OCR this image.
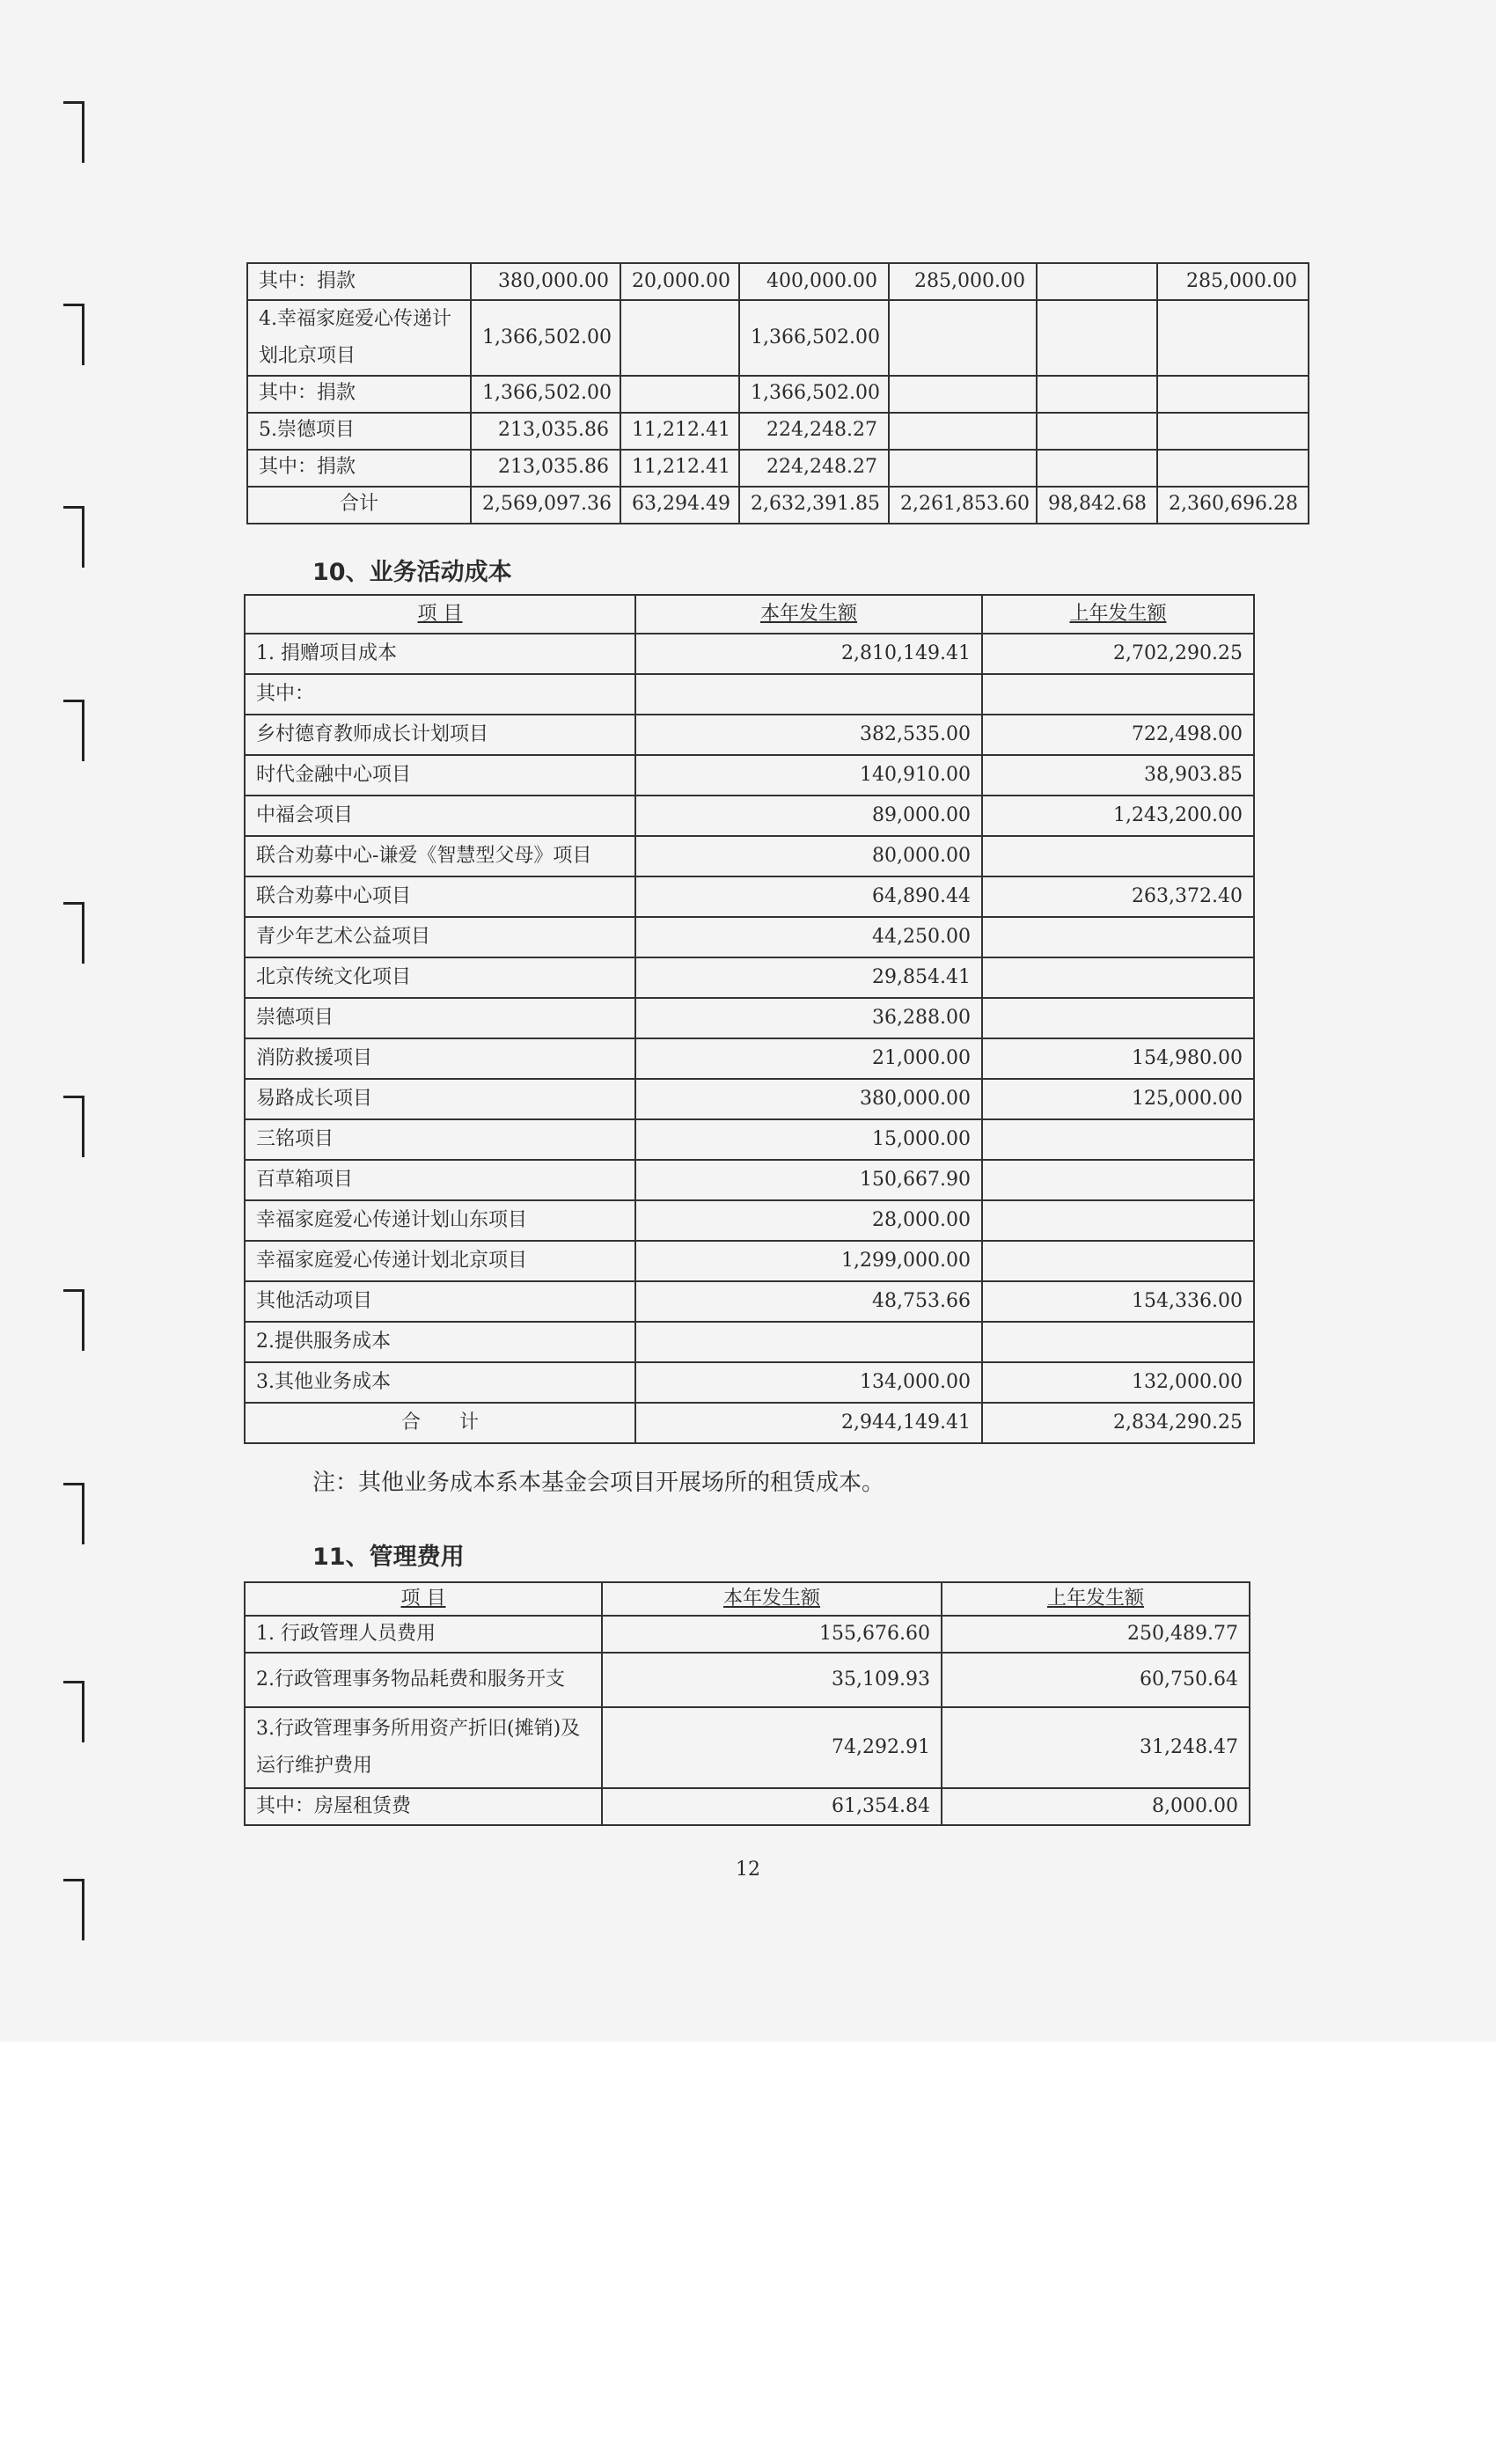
其中：捐款	380,000.00	20,000.00	400,000.00	285,000.00		285,000.00
4.幸福家庭爱心传递计划北京项目	1,366,502.00		1,366,502.00			
其中：捐款	1,366,502.00		1,366,502.00			
5.崇德项目	213,035.86	11,212.41	224,248.27			
其中：捐款	213,035.86	11,212.41	224,248.27			
合计	2,569,097.36	63,294.49	2,632,391.85	2,261,853.60	98,842.68	2,360,696.28
10、业务活动成本
项 目	本年发生额	上年发生额
1. 捐赠项目成本	2,810,149.41	2,702,290.25
其中：		
乡村德育教师成长计划项目	382,535.00	722,498.00
时代金融中心项目	140,910.00	38,903.85
中福会项目	89,000.00	1,243,200.00
联合劝募中心-谦爱《智慧型父母》项目	80,000.00	
联合劝募中心项目	64,890.44	263,372.40
青少年艺术公益项目	44,250.00	
北京传统文化项目	29,854.41	
崇德项目	36,288.00	
消防救援项目	21,000.00	154,980.00
易路成长项目	380,000.00	125,000.00
三铭项目	15,000.00	
百草箱项目	150,667.90	
幸福家庭爱心传递计划山东项目	28,000.00	
幸福家庭爱心传递计划北京项目	1,299,000.00	
其他活动项目	48,753.66	154,336.00
2.提供服务成本		
3.其他业务成本	134,000.00	132,000.00
合　　计	2,944,149.41	2,834,290.25
注：其他业务成本系本基金会项目开展场所的租赁成本。
11、管理费用
项 目	本年发生额	上年发生额
1. 行政管理人员费用	155,676.60	250,489.77
2.行政管理事务物品耗费和服务开支	35,109.93	60,750.64
3.行政管理事务所用资产折旧(摊销)及运行维护费用	74,292.91	31,248.47
其中：房屋租赁费	61,354.84	8,000.00
12
